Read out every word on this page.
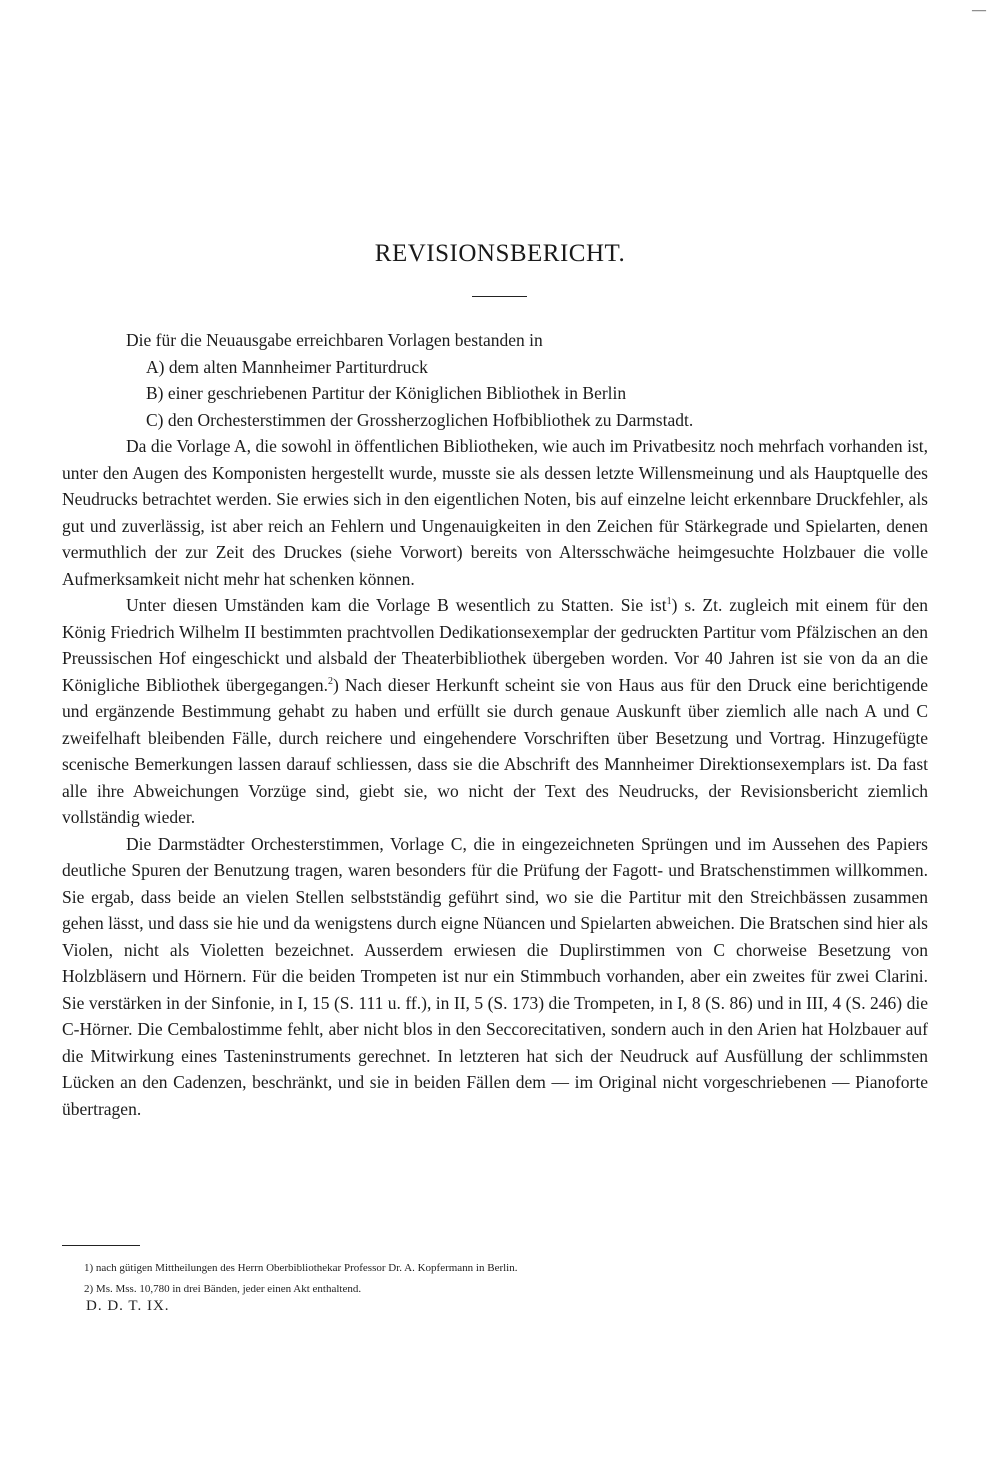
—
REVISIONSBERICHT.

Die für die Neuausgabe erreichbaren Vorlagen bestanden in

A) dem alten Mannheimer Partiturdruck

B) einer geschriebenen Partitur der Königlichen Bibliothek in Berlin

C) den Orchesterstimmen der Grossherzoglichen Hofbibliothek zu Darmstadt.

Da die Vorlage A, die sowohl in öffentlichen Bibliotheken, wie auch im Privatbesitz noch mehrfach vorhanden ist, unter den Augen des Komponisten hergestellt wurde, musste sie als dessen letzte Willensmeinung und als Hauptquelle des Neudrucks betrachtet werden. Sie erwies sich in den eigentlichen Noten, bis auf einzelne leicht erkennbare Druckfehler, als gut und zuverlässig, ist aber reich an Fehlern und Ungenauigkeiten in den Zeichen für Stärkegrade und Spielarten, denen vermuthlich der zur Zeit des Druckes (siehe Vorwort) bereits von Altersschwäche heimgesuchte Holzbauer die volle Aufmerksamkeit nicht mehr hat schenken können.

Unter diesen Umständen kam die Vorlage B wesentlich zu Statten. Sie ist$^1$) s. Zt. zugleich mit einem für den König Friedrich Wilhelm II bestimmten prachtvollen Dedikationsexemplar der gedruckten Partitur vom Pfälzischen an den Preussischen Hof eingeschickt und alsbald der Theaterbibliothek übergeben worden. Vor 40 Jahren ist sie von da an die Königliche Bibliothek übergegangen.$^2$) Nach dieser Herkunft scheint sie von Haus aus für den Druck eine berichtigende und ergänzende Bestimmung gehabt zu haben und erfüllt sie durch genaue Auskunft über ziemlich alle nach A und C zweifelhaft bleibenden Fälle, durch reichere und eingehendere Vorschriften über Besetzung und Vortrag. Hinzugefügte scenische Bemerkungen lassen darauf schliessen, dass sie die Abschrift des Mannheimer Direktionsexemplars ist. Da fast alle ihre Abweichungen Vorzüge sind, giebt sie, wo nicht der Text des Neudrucks, der Revisionsbericht ziemlich vollständig wieder.

Die Darmstädter Orchesterstimmen, Vorlage C, die in eingezeichneten Sprüngen und im Aussehen des Papiers deutliche Spuren der Benutzung tragen, waren besonders für die Prüfung der Fagott- und Bratschenstimmen willkommen. Sie ergab, dass beide an vielen Stellen selbstständig geführt sind, wo sie die Partitur mit den Streichbässen zusammen gehen lässt, und dass sie hie und da wenigstens durch eigne Nüancen und Spielarten abweichen. Die Bratschen sind hier als Violen, nicht als Violetten bezeichnet. Ausserdem erwiesen die Duplirstimmen von C chorweise Besetzung von Holzbläsern und Hörnern. Für die beiden Trompeten ist nur ein Stimmbuch vorhanden, aber ein zweites für zwei Clarini. Sie verstärken in der Sinfonie, in I, 15 (S. 111 u. ff.), in II, 5 (S. 173) die Trompeten, in I, 8 (S. 86) und in III, 4 (S. 246) die C-Hörner. Die Cembalostimme fehlt, aber nicht blos in den Seccorecitativen, sondern auch in den Arien hat Holzbauer auf die Mitwirkung eines Tasteninstruments gerechnet. In letzteren hat sich der Neudruck auf Ausfüllung der schlimmsten Lücken an den Cadenzen, beschränkt, und sie in beiden Fällen dem — im Original nicht vorgeschriebenen — Pianoforte übertragen.

1) nach gütigen Mittheilungen des Herrn Oberbibliothekar Professor Dr. A. Kopfermann in Berlin.

2) Ms. Mss. 10,780 in drei Bänden, jeder einen Akt enthaltend.

D. D. T. IX.
